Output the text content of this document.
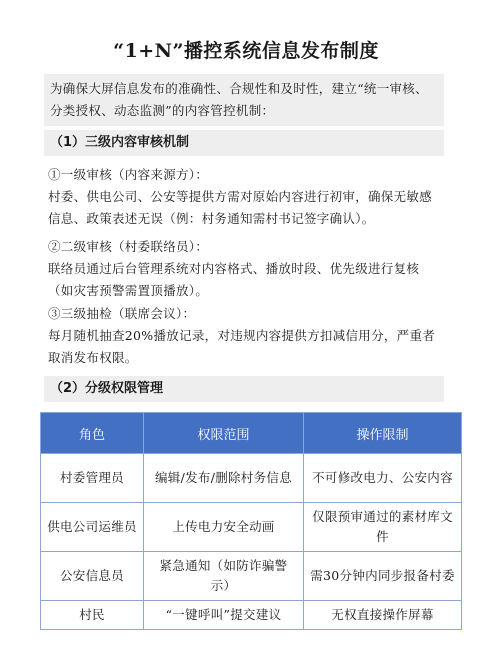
“1+N”播控系统信息发布制度
为确保大屏信息发布的准确性、合规性和及时性，建立“统一审核、分类授权、动态监测”的内容管控机制：
（1）三级内容审核机制
①一级审核（内容来源方）：
村委、供电公司、公安等提供方需对原始内容进行初审，确保无敏感信息、政策表述无误（例：村务通知需村书记签字确认）。
②二级审核（村委联络员）：
联络员通过后台管理系统对内容格式、播放时段、优先级进行复核（如灾害预警需置顶播放）。
③三级抽检（联席会议）：
每月随机抽查20%播放记录，对违规内容提供方扣减信用分，严重者取消发布权限。
（2）分级权限管理
角色	权限范围	操作限制
村委管理员	编辑/发布/删除村务信息	不可修改电力、公安内容
供电公司运维员	上传电力安全动画	仅限预审通过的素材库文件
公安信息员	紧急通知（如防诈骗警示）	需30分钟内同步报备村委
村民	“一键呼叫”提交建议	无权直接操作屏幕
